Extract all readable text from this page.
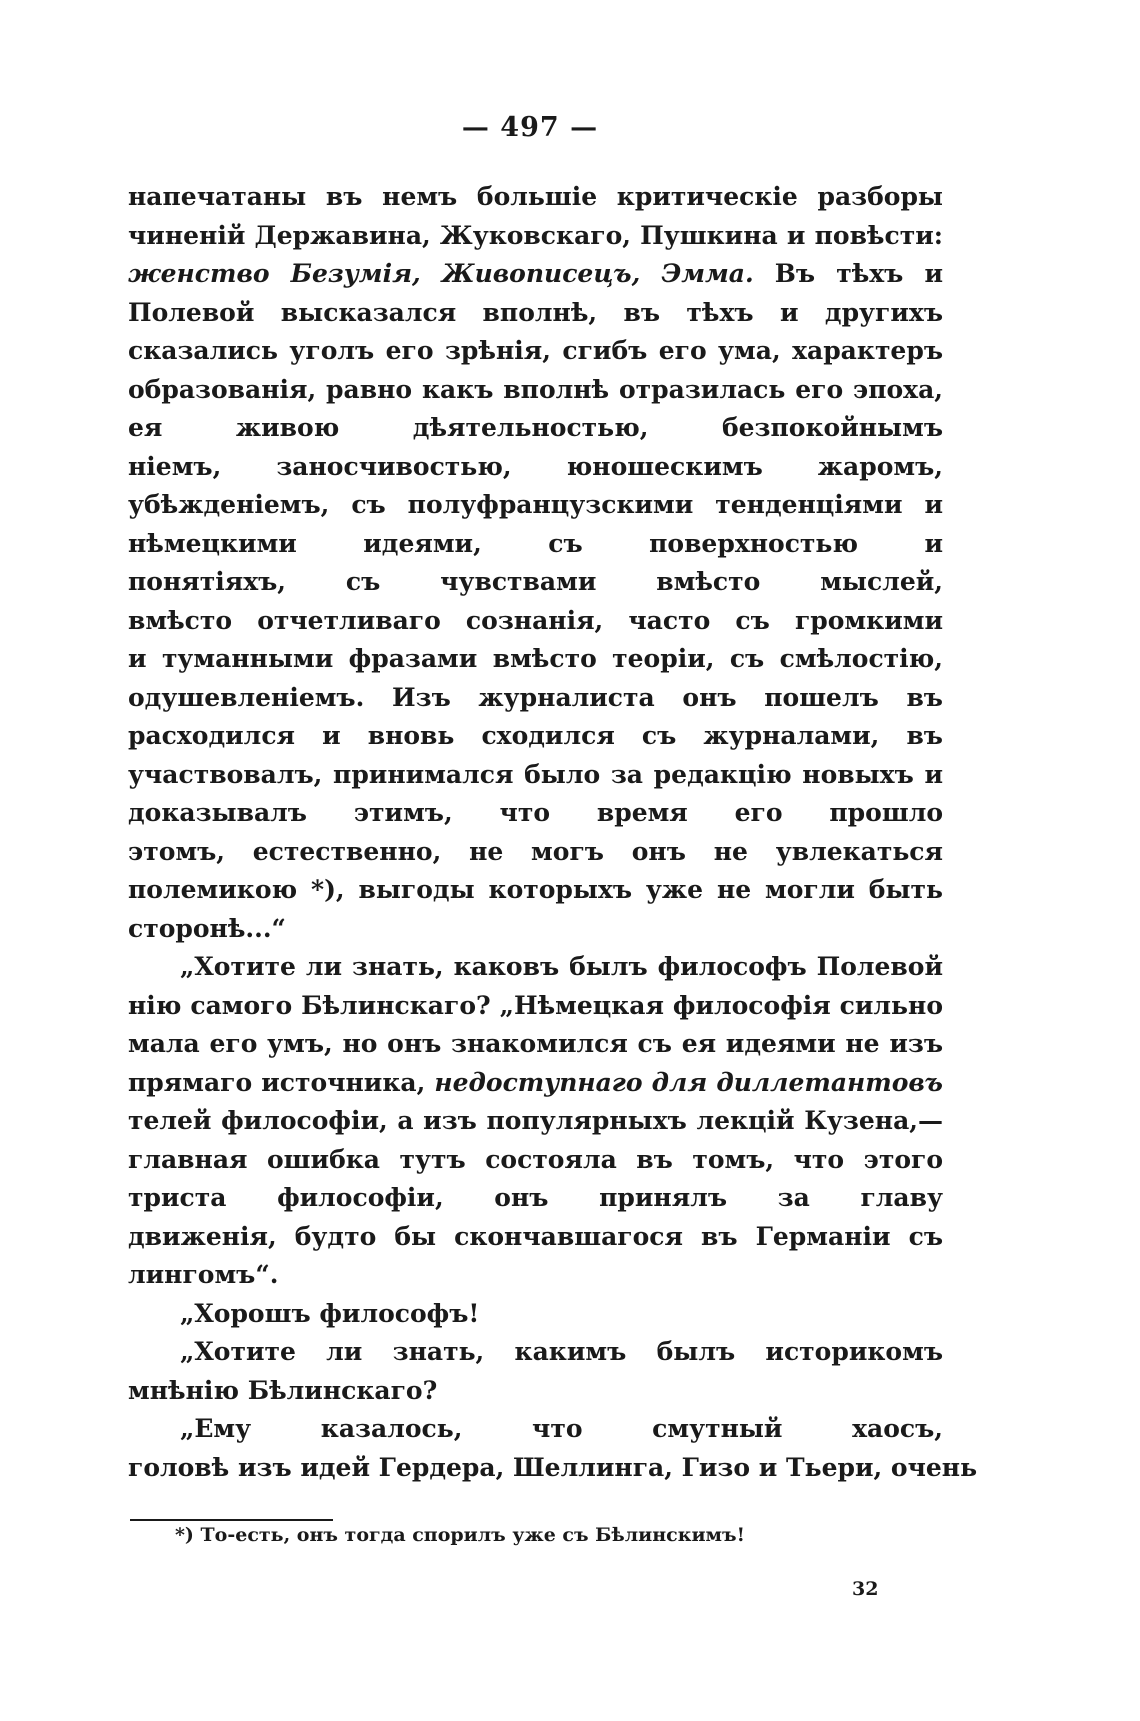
— 497 —
напечатаны въ немъ большіе критическіе разборы
чиненій Державина, Жуковскаго, Пушкина и повѣсти:
женство Безумія, Живописецъ, Эмма. Въ тѣхъ и
Полевой высказался вполнѣ, въ тѣхъ и другихъ
сказались уголъ его зрѣнія, сгибъ его ума, характеръ
образованія, равно какъ вполнѣ отразилась его эпоха,
ея живою дѣятельностью, безпокойнымъ
ніемъ, заносчивостью, юношескимъ жаромъ,
убѣжденіемъ, съ полуфранцузскими тенденціями и
нѣмецкими идеями, съ поверхностью и
понятіяхъ, съ чувствами вмѣсто мыслей,
вмѣсто отчетливаго сознанія, часто съ громкими
и туманными фразами вмѣсто теоріи, съ смѣлостію,
одушевленіемъ. Изъ журналиста онъ пошелъ въ
расходился и вновь сходился съ журналами, въ
участвовалъ, принимался было за редакцію новыхъ и
доказывалъ этимъ, что время его прошло
этомъ, естественно, не могъ онъ не увлекаться
полемикою *), выгоды которыхъ уже не могли быть
сторонѣ...“
„Хотите ли знать, каковъ былъ философъ Полевой
нію самого Бѣлинскаго? „Нѣмецкая философія сильно
мала его умъ, но онъ знакомился съ ея идеями не изъ
прямаго источника, недоступнаго для диллетантовъ
телей философіи, а изъ популярныхъ лекцій Кузена,—
главная ошибка тутъ состояла въ томъ, что этого
триста философіи, онъ принялъ за главу
движенія, будто бы скончавшагося въ Германіи съ
лингомъ“.
„Хорошъ философъ!
„Хотите ли знать, какимъ былъ историкомъ
мнѣнію Бѣлинскаго?
„Ему казалось, что смутный хаосъ,
головѣ изъ идей Гердера, Шеллинга, Гизо и Тьери, очень
*) То-есть, онъ тогда спорилъ уже съ Бѣлинскимъ!
32
